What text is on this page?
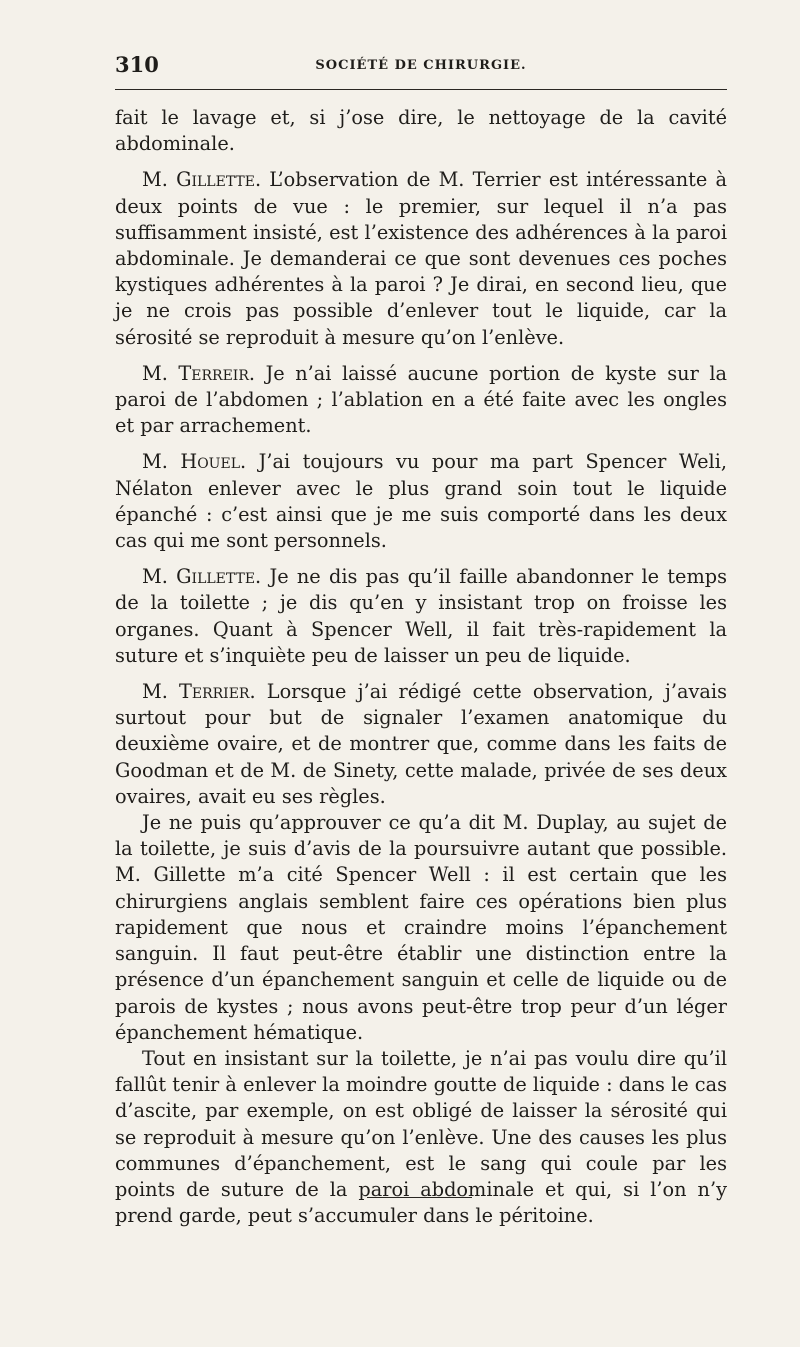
310	SOCIÉTÉ DE CHIRURGIE.

fait le lavage et, si j’ose dire, le nettoyage de la cavité abdominale.

M. Gillette. L’observation de M. Terrier est intéressante à deux points de vue : le premier, sur lequel il n’a pas suffisamment insisté, est l’existence des adhérences à la paroi abdominale. Je demanderai ce que sont devenues ces poches kystiques adhérentes à la paroi ? Je dirai, en second lieu, que je ne crois pas possible d’enlever tout le liquide, car la sérosité se reproduit à mesure qu’on l’enlève.

M. Terreir. Je n’ai laissé aucune portion de kyste sur la paroi de l’abdomen ; l’ablation en a été faite avec les ongles et par arrachement.

M. Houel. J’ai toujours vu pour ma part Spencer Weli, Nélaton enlever avec le plus grand soin tout le liquide épanché : c’est ainsi que je me suis comporté dans les deux cas qui me sont personnels.

M. Gillette. Je ne dis pas qu’il faille abandonner le temps de la toilette ; je dis qu’en y insistant trop on froisse les organes. Quant à Spencer Well, il fait très-rapidement la suture et s’inquiète peu de laisser un peu de liquide.

M. Terrier. Lorsque j’ai rédigé cette observation, j’avais surtout pour but de signaler l’examen anatomique du deuxième ovaire, et de montrer que, comme dans les faits de Goodman et de M. de Sinety, cette malade, privée de ses deux ovaires, avait eu ses règles.

Je ne puis qu’approuver ce qu’a dit M. Duplay, au sujet de la toilette, je suis d’avis de la poursuivre autant que possible. M. Gillette m’a cité Spencer Well : il est certain que les chirurgiens anglais semblent faire ces opérations bien plus rapidement que nous et craindre moins l’épanchement sanguin. Il faut peut-être établir une distinction entre la présence d’un épanchement sanguin et celle de liquide ou de parois de kystes ; nous avons peut-être trop peur d’un léger épanchement hématique.

Tout en insistant sur la toilette, je n’ai pas voulu dire qu’il fallût tenir à enlever la moindre goutte de liquide : dans le cas d’ascite, par exemple, on est obligé de laisser la sérosité qui se reproduit à mesure qu’on l’enlève. Une des causes les plus communes d’épanchement, est le sang qui coule par les points de suture de la paroi abdominale et qui, si l’on n’y prend garde, peut s’accumuler dans le péritoine.
